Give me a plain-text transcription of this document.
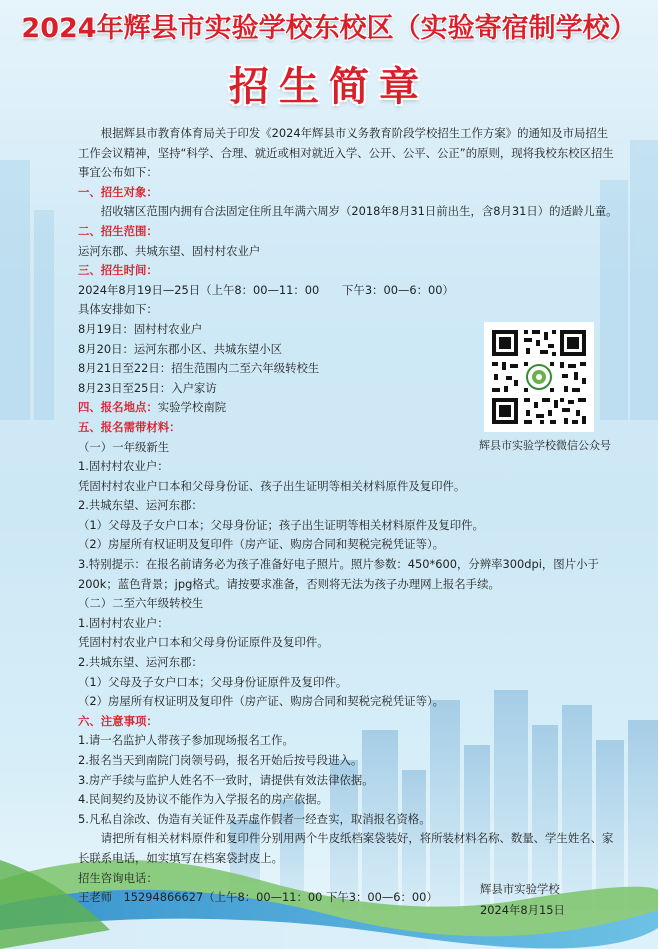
2024年辉县市实验学校东校区（实验寄宿制学校）
招生简章

根据辉县市教育体育局关于印发《2024年辉县市义务教育阶段学校招生工作方案》的通知及市局招生工作会议精神，坚持“科学、合理、就近或相对就近入学、公开、公平、公正”的原则，现将我校东校区招生事宜公布如下：

一、招生对象：

招收辖区范围内拥有合法固定住所且年满六周岁（2018年8月31日前出生，含8月31日）的适龄儿童。

二、招生范围：

运河东郡、共城东望、固村村农业户

三、招生时间：

2024年8月19日—25日（上午8：00—11：00　　下午3：00—6：00）

具体安排如下：

8月19日：固村村农业户

8月20日：运河东郡小区、共城东望小区

8月21日至22日：招生范围内二至六年级转校生

8月23日至25日：入户家访

四、报名地点：实验学校南院

五、报名需带材料：

（一）一年级新生

1.固村村农业户：

凭固村村农业户口本和父母身份证、孩子出生证明等相关材料原件及复印件。

2.共城东望、运河东郡：

（1）父母及子女户口本；父母身份证；孩子出生证明等相关材料原件及复印件。

（2）房屋所有权证明及复印件（房产证、购房合同和契税完税凭证等）。

3.特别提示：在报名前请务必为孩子准备好电子照片。照片参数：450*600，分辨率300dpi，图片小于200k；蓝色背景；jpg格式。请按要求准备，否则将无法为孩子办理网上报名手续。

（二）二至六年级转校生

1.固村村农业户：

凭固村村农业户口本和父母身份证原件及复印件。

2.共城东望、运河东郡：

（1）父母及子女户口本；父母身份证原件及复印件。

（2）房屋所有权证明及复印件（房产证、购房合同和契税完税凭证等）。

六、注意事项：

1.请一名监护人带孩子参加现场报名工作。

2.报名当天到南院门岗领号码，报名开始后按号段进入。

3.房产手续与监护人姓名不一致时，请提供有效法律依据。

4.民间契约及协议不能作为入学报名的房产依据。

5.凡私自涂改、伪造有关证件及弄虚作假者一经查实，取消报名资格。

请把所有相关材料原件和复印件分别用两个牛皮纸档案袋装好，将所装材料名称、数量、学生姓名、家长联系电话，如实填写在档案袋封皮上。

招生咨询电话：

王老师　15294866627（上午8：00—11：00 下午3：00—6：00）

辉县市实验学校微信公众号
辉县市实验学校
2024年8月15日
